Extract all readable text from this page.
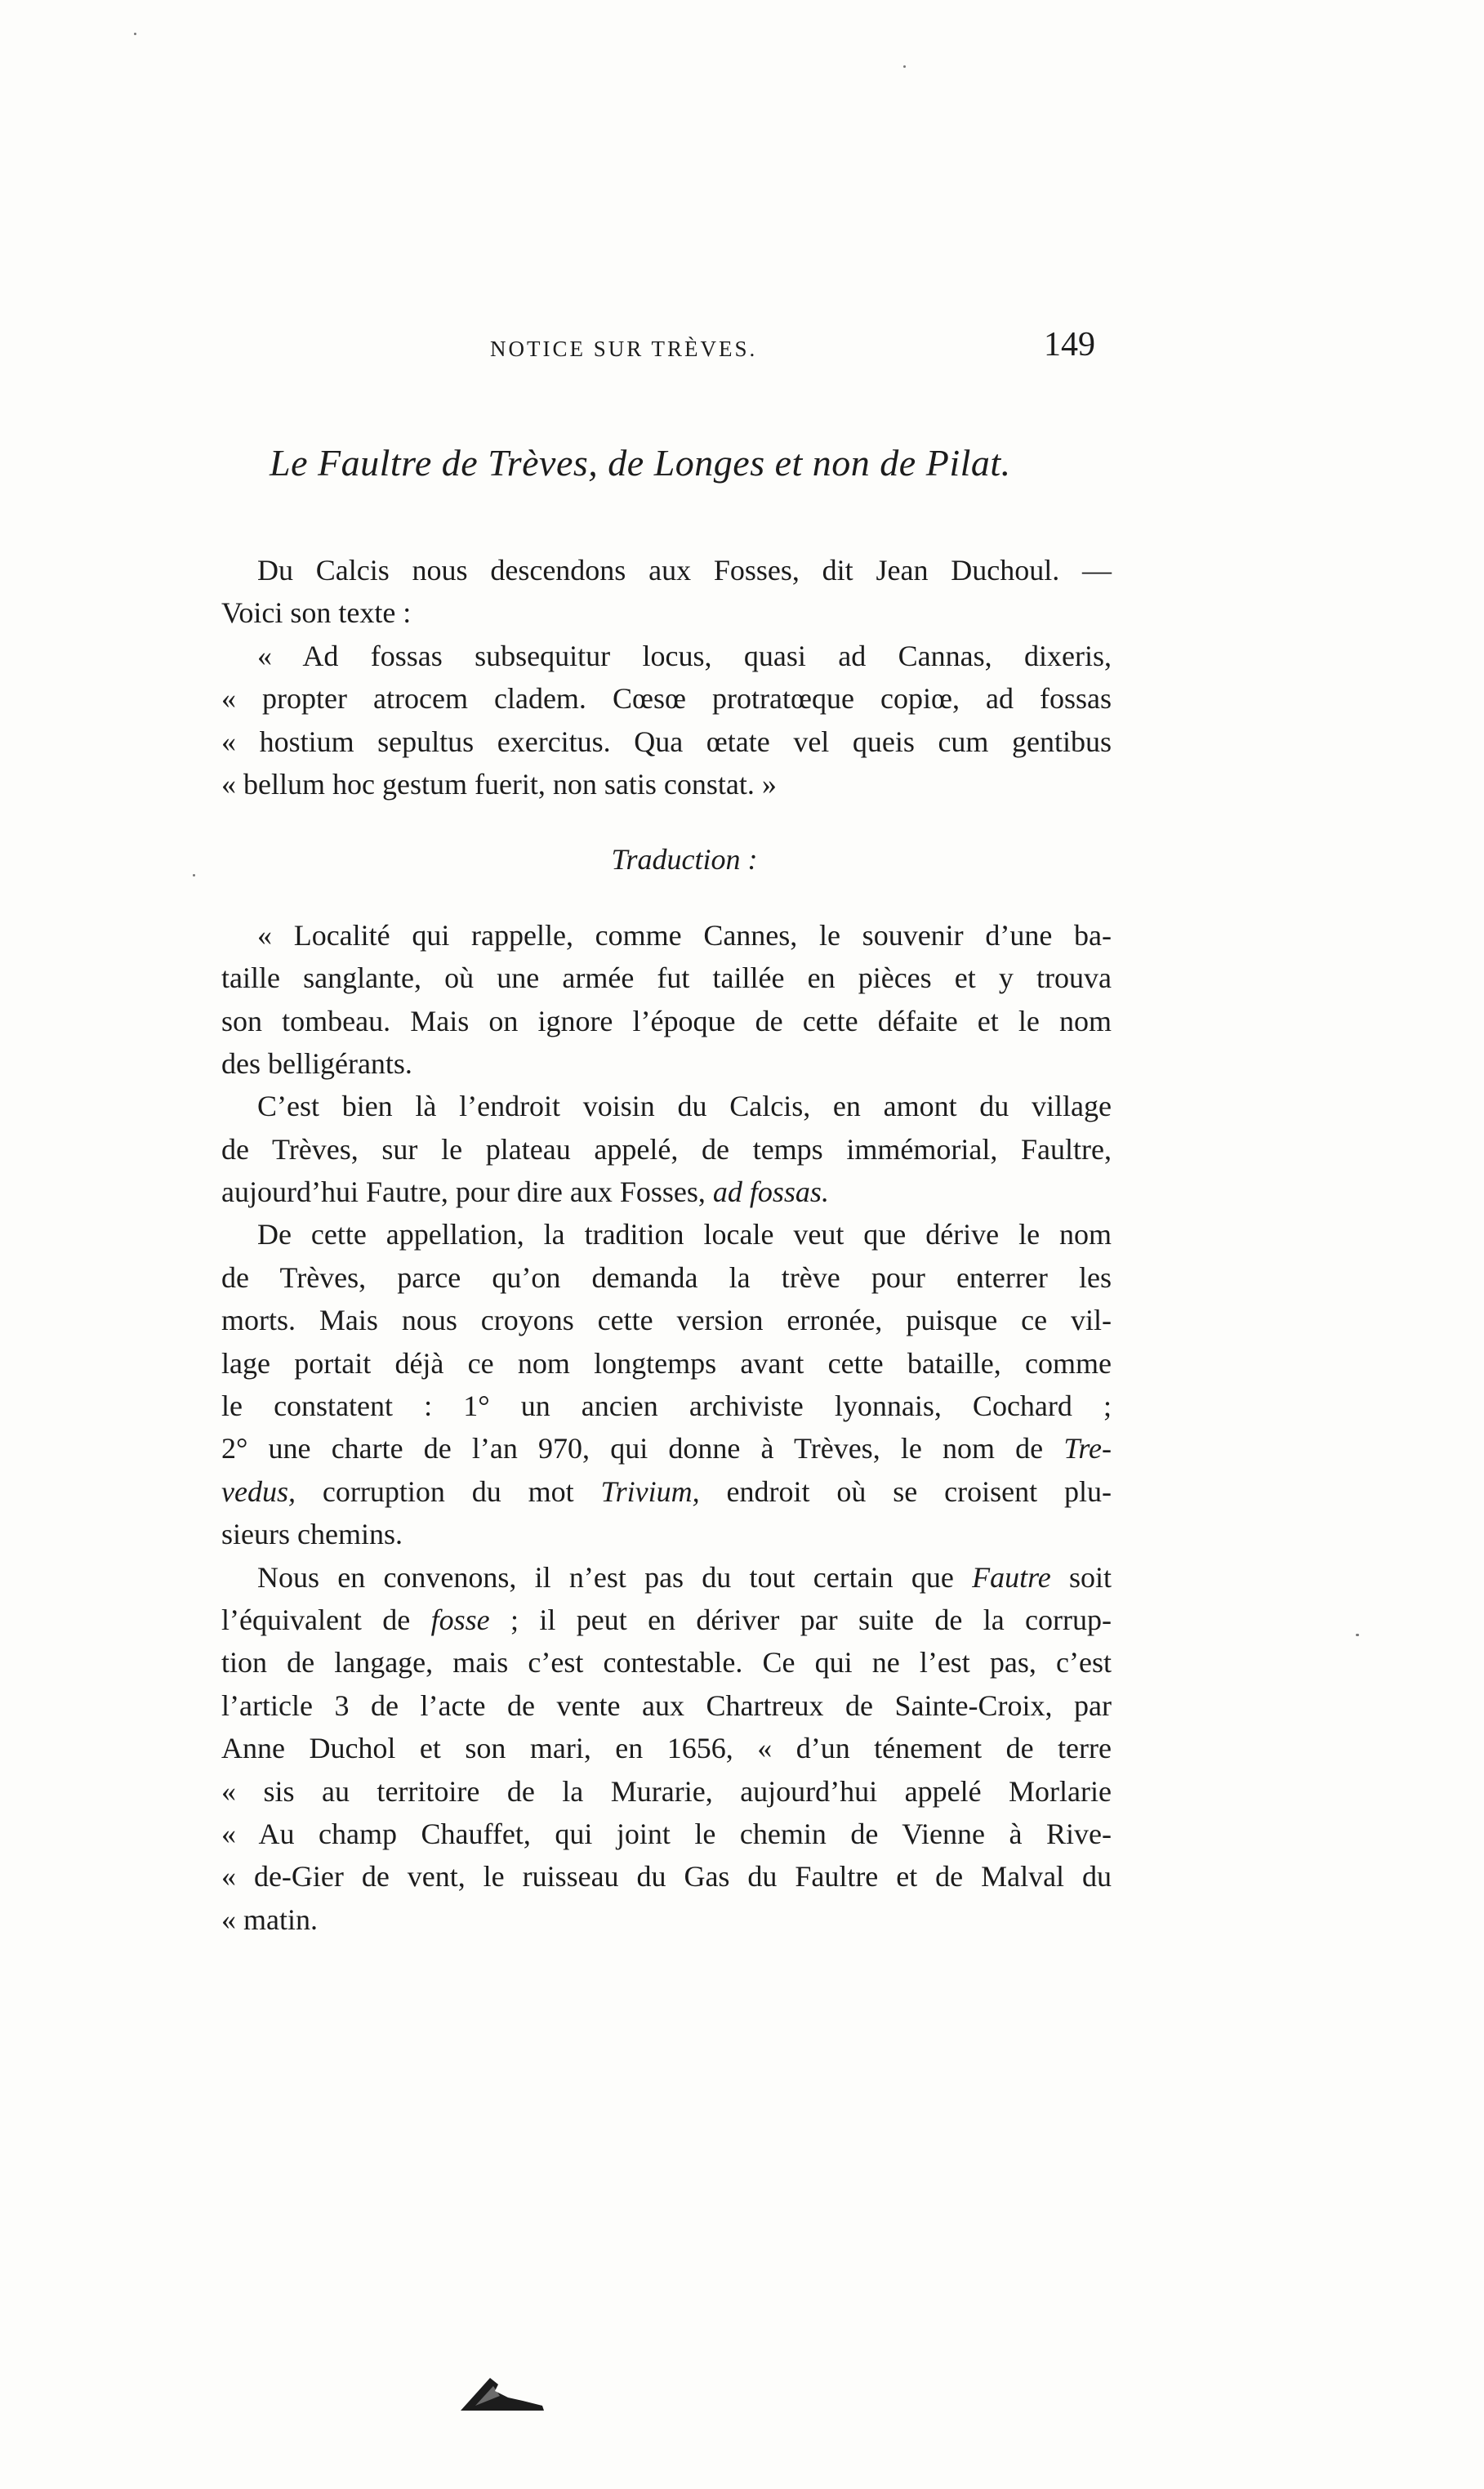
NOTICE SUR TRÈVES.	149
Le Faultre de Trèves, de Longes et non de Pilat.
Du Calcis nous descendons aux Fosses, dit Jean Duchoul. —
Voici son texte :
« Ad fossas subsequitur locus, quasi ad Cannas, dixeris,
« propter atrocem cladem. Cœsœ protratœque copiœ, ad fossas
« hostium sepultus exercitus. Qua œtate vel queis cum gentibus
« bellum hoc gestum fuerit, non satis constat. »
Traduction :
« Localité qui rappelle, comme Cannes, le souvenir d’une ba-
taille sanglante, où une armée fut taillée en pièces et y trouva
son tombeau. Mais on ignore l’époque de cette défaite et le nom
des belligérants.
C’est bien là l’endroit voisin du Calcis, en amont du village
de Trèves, sur le plateau appelé, de temps immémorial, Faultre,
aujourd’hui Fautre, pour dire aux Fosses, ad fossas.
De cette appellation, la tradition locale veut que dérive le nom
de Trèves, parce qu’on demanda la trève pour enterrer les
morts. Mais nous croyons cette version erronée, puisque ce vil-
lage portait déjà ce nom longtemps avant cette bataille, comme
le constatent : 1° un ancien archiviste lyonnais, Cochard ;
2° une charte de l’an 970, qui donne à Trèves, le nom de Tre-
vedus, corruption du mot Trivium, endroit où se croisent plu-
sieurs chemins.
Nous en convenons, il n’est pas du tout certain que Fautre soit
l’équivalent de fosse ; il peut en dériver par suite de la corrup-
tion de langage, mais c’est contestable. Ce qui ne l’est pas, c’est
l’article 3 de l’acte de vente aux Chartreux de Sainte-Croix, par
Anne Duchol et son mari, en 1656, « d’un ténement de terre
« sis au territoire de la Murarie, aujourd’hui appelé Morlarie
« Au champ Chauffet, qui joint le chemin de Vienne à Rive-
« de-Gier de vent, le ruisseau du Gas du Faultre et de Malval du
« matin.
